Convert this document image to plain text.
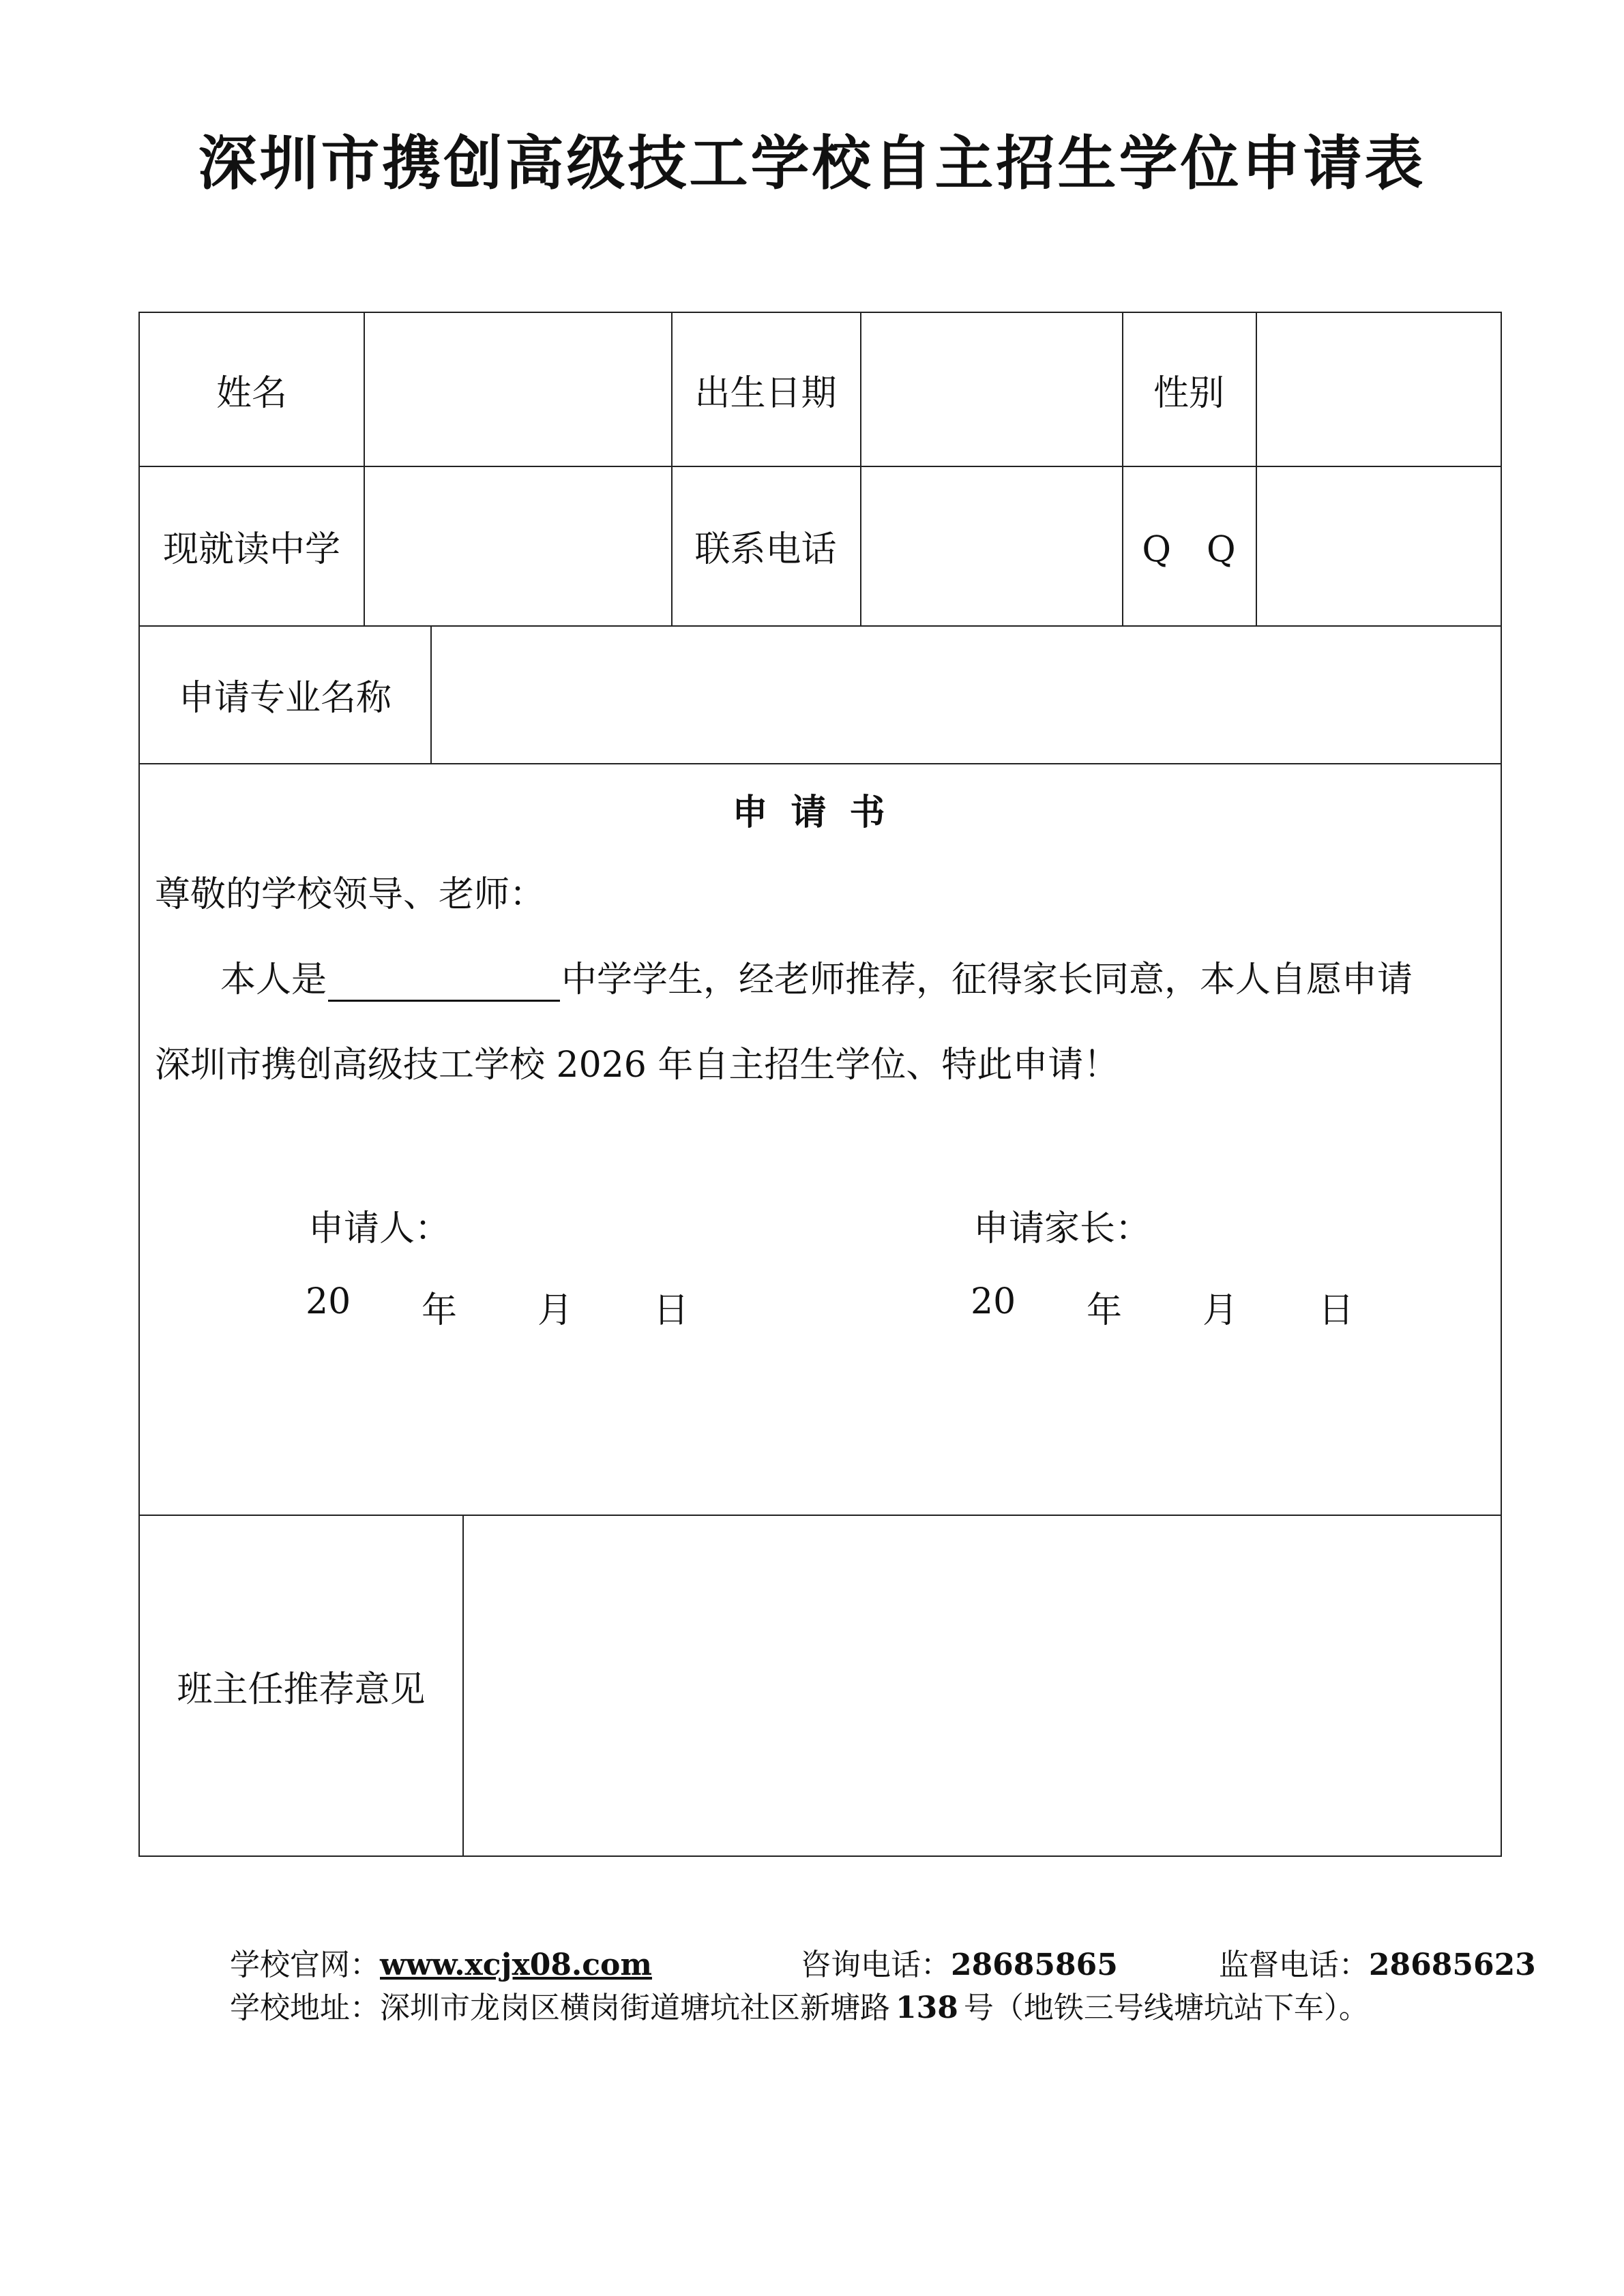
深圳市携创高级技工学校自主招生学位申请表
姓名	出生日期	性别
现就读中学	联系电话	Q　Q
申请专业名称
申请书
尊敬的学校领导、老师：
本人是	中学学生，经老师推荐，征得家长同意，本人自愿申请
深圳市携创高级技工学校 2026 年自主招生学位、特此申请！
申请人：	申请家长：
20	年	月	日	20	年	月	日
班主任推荐意见
学校官网：www.xcjx08.com	咨询电话：28685865	监督电话：28685623
学校地址：深圳市龙岗区横岗街道塘坑社区新塘路 138 号（地铁三号线塘坑站下车）。
